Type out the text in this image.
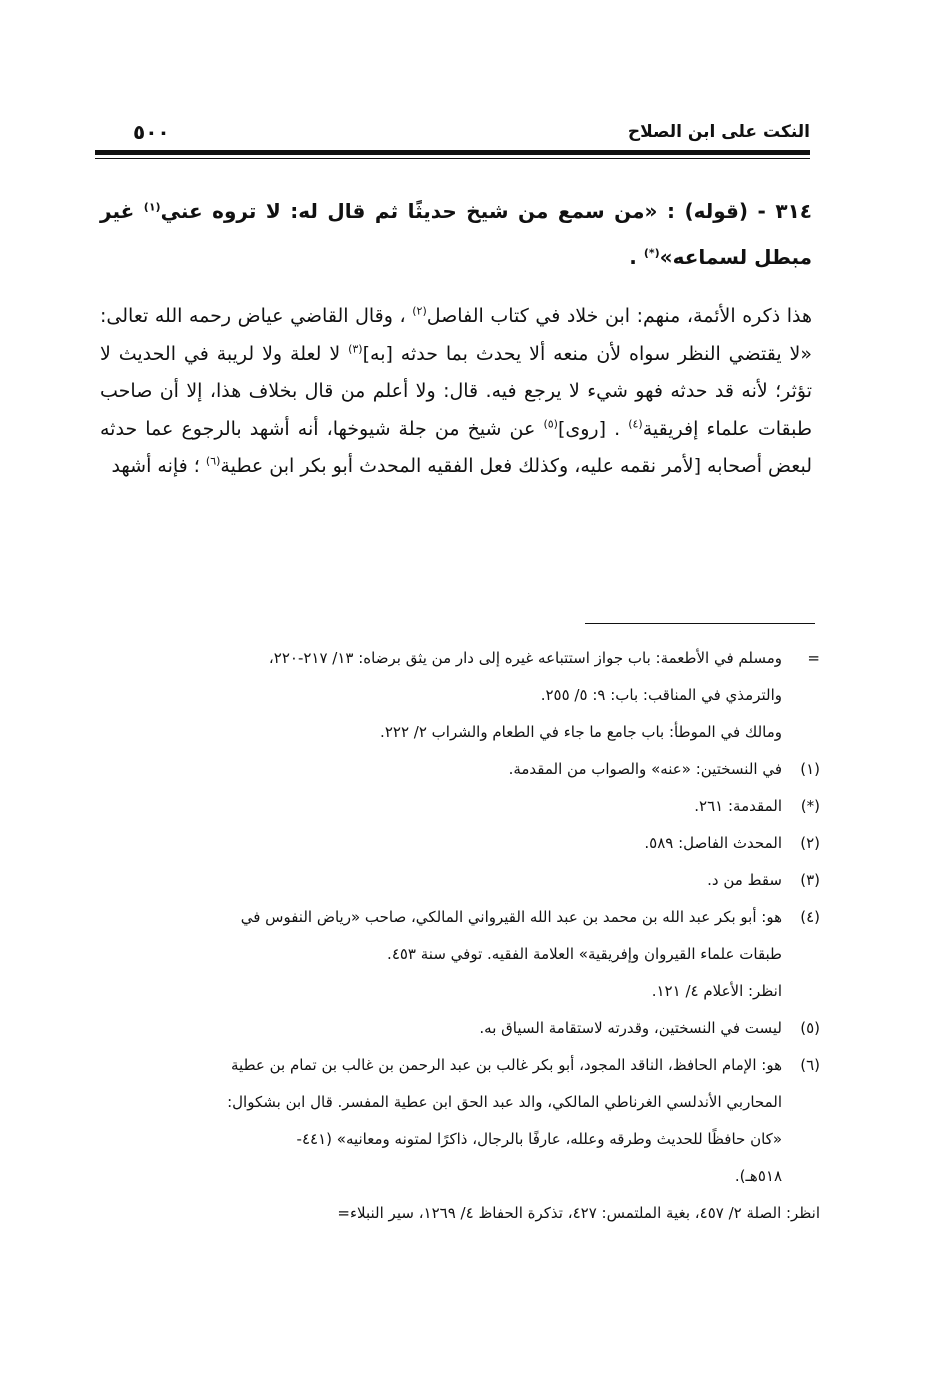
النكت على ابن الصلاح
٥٠٠

٣١٤ - (قوله) : «من سمع من شيخ حديثًا ثم قال له: لا تروه عني$^{(١)}$ غير مبطل لسماعه»(*) .

هذا ذكره الأئمة، منهم: ابن خلاد في كتاب الفاصل$^{(٢)}$ ، وقال القاضي عياض رحمه الله تعالى: «لا يقتضي النظر سواه لأن منعه ألا يحدث بما حدثه [به]$^{(٣)}$ لا لعلة ولا لريبة في الحديث لا تؤثر؛ لأنه قد حدثه فهو شيء لا يرجع فيه. قال: ولا أعلم من قال بخلاف هذا، إلا أن صاحب طبقات علماء إفريقية$^{(٤)}$ . [روى]$^{(٥)}$ عن شيخ من جلة شيوخها، أنه أشهد بالرجوع عما حدثه لبعض أصحابه [لأمر نقمه عليه، وكذلك فعل الفقيه المحدث أبو بكر ابن عطية$^{(٦)}$ ؛ فإنه أشهد

=
ومسلم في الأطعمة: باب جواز استتباعه غيره إلى دار من يثق برضاه: ١٣/ ٢١٧-٢٢٠،
والترمذي في المناقب: باب: ٩: ٥/ ٢٥٥.
ومالك في الموطأ: باب جامع ما جاء في الطعام والشراب ٢/ ٢٢٢.
(١)
في النسختين: «عنه» والصواب من المقدمة.
(*)
المقدمة: ٢٦١.
(٢)
المحدث الفاصل: ٥٨٩.
(٣)
سقط من د.
(٤)
هو: أبو بكر عبد الله بن محمد بن عبد الله القيرواني المالكي، صاحب «رياض النفوس في
طبقات علماء القيروان وإفريقية» العلامة الفقيه. توفي سنة ٤٥٣.
انظر: الأعلام ٤/ ١٢١.
(٥)
ليست في النسختين، وقدرته لاستقامة السياق به.
(٦)
هو: الإمام الحافظ، الناقد المجود، أبو بكر غالب بن عبد الرحمن بن غالب بن تمام بن عطية
المحاربي الأندلسي الغرناطي المالكي، والد عبد الحق ابن عطية المفسر. قال ابن بشكوال:
«كان حافظًا للحديث وطرقه وعلله، عارفًا بالرجال، ذاكرًا لمتونه ومعانيه» (٤٤١-
٥١٨هـ).
انظر: الصلة ٢/ ٤٥٧، بغية الملتمس: ٤٢٧، تذكرة الحفاظ ٤/ ١٢٦٩، سير النبلاء=
